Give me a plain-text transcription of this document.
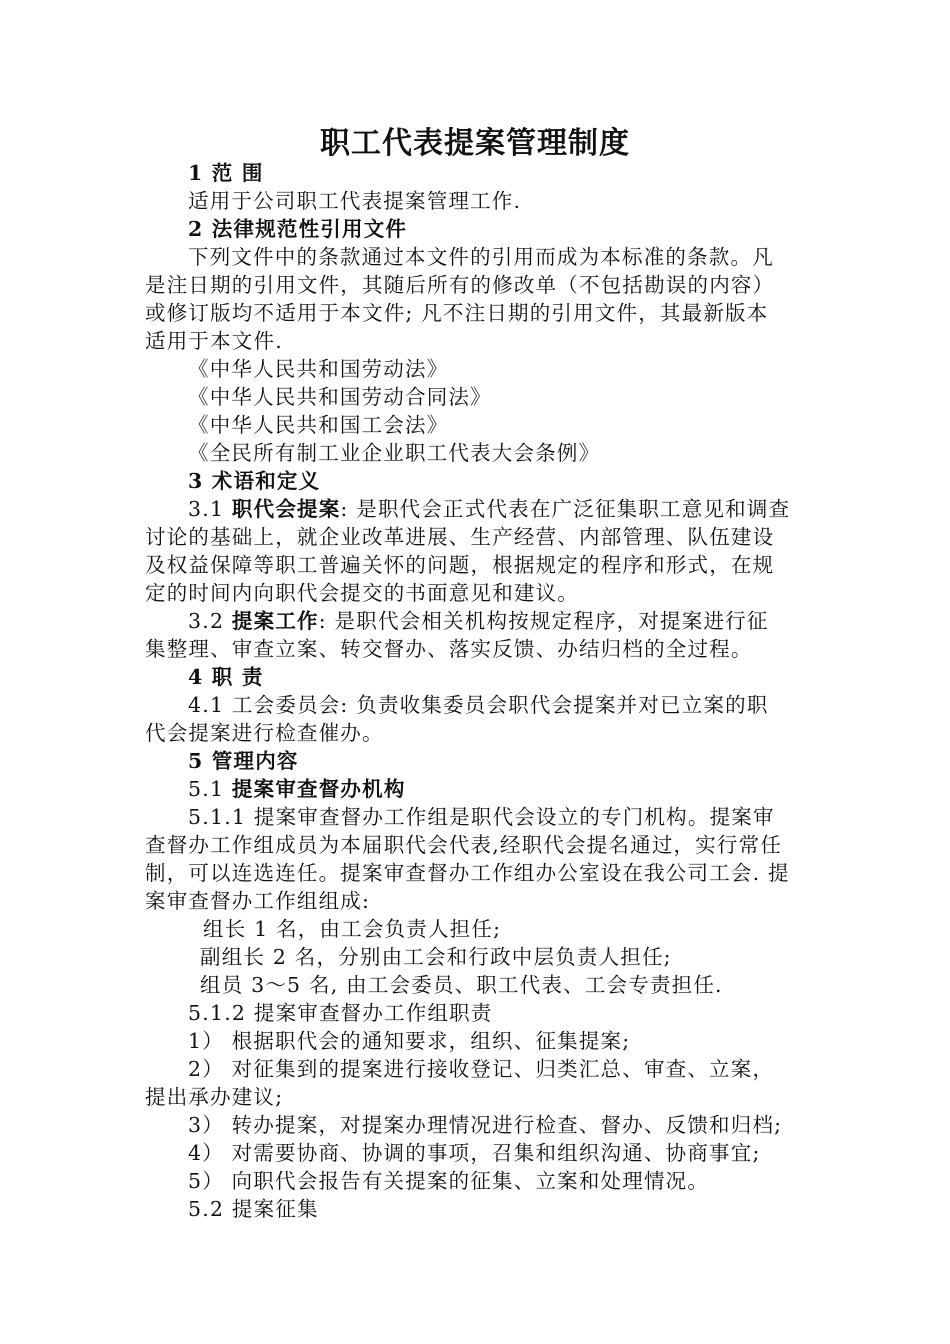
职工代表提案管理制度
1 范 围
适用于公司职工代表提案管理工作.
2 法律规范性引用文件
下列文件中的条款通过本文件的引用而成为本标准的条款。凡
是注日期的引用文件，其随后所有的修改单（不包括勘误的内容）
或修订版均不适用于本文件; 凡不注日期的引用文件，其最新版本
适用于本文件.
《中华人民共和国劳动法》
《中华人民共和国劳动合同法》
《中华人民共和国工会法》
《全民所有制工业企业职工代表大会条例》
3 术语和定义
3.1 职代会提案: 是职代会正式代表在广泛征集职工意见和调查
讨论的基础上，就企业改革进展、生产经营、内部管理、队伍建设
及权益保障等职工普遍关怀的问题，根据规定的程序和形式，在规
定的时间内向职代会提交的书面意见和建议。
3.2 提案工作: 是职代会相关机构按规定程序，对提案进行征
集整理、审查立案、转交督办、落实反馈、办结归档的全过程。
4 职 责
4.1 工会委员会: 负责收集委员会职代会提案并对已立案的职
代会提案进行检查催办。
5 管理内容
5.1 提案审查督办机构
5.1.1 提案审查督办工作组是职代会设立的专门机构。提案审
查督办工作组成员为本届职代会代表,经职代会提名通过，实行常任
制，可以连选连任。提案审查督办工作组办公室设在我公司工会. 提
案审查督办工作组组成:
组长 1 名，由工会负责人担任;
副组长 2 名，分别由工会和行政中层负责人担任;
组员 3～5 名, 由工会委员、职工代表、工会专责担任.
5.1.2 提案审查督办工作组职责
1） 根据职代会的通知要求，组织、征集提案;
2） 对征集到的提案进行接收登记、归类汇总、审查、立案，
提出承办建议;
3） 转办提案，对提案办理情况进行检查、督办、反馈和归档;
4） 对需要协商、协调的事项，召集和组织沟通、协商事宜;
5） 向职代会报告有关提案的征集、立案和处理情况。
5.2 提案征集
